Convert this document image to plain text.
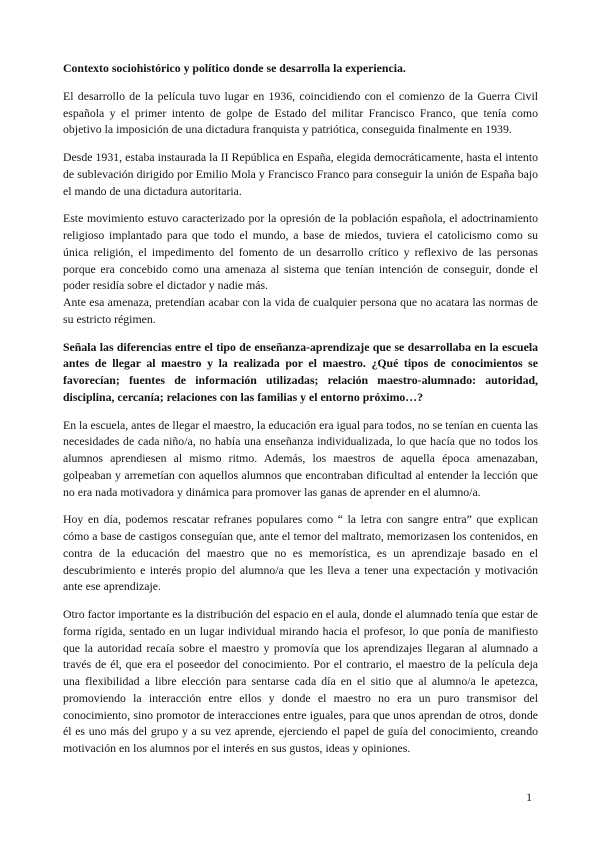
Contexto sociohistórico y político donde se desarrolla la experiencia.

El desarrollo de la película tuvo lugar en 1936, coincidiendo con el comienzo de la Guerra Civil española y el primer intento de golpe de Estado del militar Francisco Franco, que tenía como objetivo la imposición de una dictadura franquista y patriótica, conseguida finalmente en 1939.

Desde 1931, estaba instaurada la II República en España, elegida democráticamente, hasta el intento de sublevación dirigido por Emilio Mola y Francisco Franco para conseguir la unión de España bajo el mando de una dictadura autoritaria.

Este movimiento estuvo caracterizado por la opresión de la población española, el adoctrinamiento religioso implantado para que todo el mundo, a base de miedos, tuviera el catolicismo como su única religión, el impedimento del fomento de un desarrollo crítico y reflexivo de las personas porque era concebido como una amenaza al sistema que tenían intención de conseguir, donde el poder residía sobre el dictador y nadie más.

Ante esa amenaza, pretendían acabar con la vida de cualquier persona que no acatara las normas de su estricto régimen.

Señala las diferencias entre el tipo de enseñanza-aprendizaje que se desarrollaba en la escuela antes de llegar al maestro y la realizada por el maestro. ¿Qué tipos de conocimientos se favorecían; fuentes de información utilizadas; relación maestro-alumnado: autoridad, disciplina, cercanía; relaciones con las familias y el entorno próximo…?

En la escuela, antes de llegar el maestro, la educación era igual para todos, no se tenían en cuenta las necesidades de cada niño/a, no había una enseñanza individualizada, lo que hacía que no todos los alumnos aprendiesen al mismo ritmo. Además, los maestros de aquella época amenazaban, golpeaban y arremetían con aquellos alumnos que encontraban dificultad al entender la lección que no era nada motivadora y dinámica para promover las ganas de aprender en el alumno/a.

Hoy en día, podemos rescatar refranes populares como “ la letra con sangre entra” que explican cómo a base de castigos conseguían que, ante el temor del maltrato, memorizasen los contenidos, en contra de la educación del maestro que no es memorística, es un aprendizaje basado en el descubrimiento e interés propio del alumno/a que les lleva a tener una expectación y motivación ante ese aprendizaje.

Otro factor importante es la distribución del espacio en el aula, donde el alumnado tenía que estar de forma rígida, sentado en un lugar individual mirando hacia el profesor, lo que ponía de manifiesto que la autoridad recaía sobre el maestro y promovía que los aprendizajes llegaran al alumnado a través de él, que era el poseedor del conocimiento. Por el contrario, el maestro de la película deja una flexibilidad a libre elección para sentarse cada día en el sitio que al alumno/a le apetezca, promoviendo la interacción entre ellos y donde el maestro no era un puro transmisor del conocimiento, sino promotor de interacciones entre iguales, para que unos aprendan de otros, donde él es uno más del grupo y a su vez aprende, ejerciendo el papel de guía del conocimiento, creando motivación en los alumnos por el interés en sus gustos, ideas y opiniones.

1
